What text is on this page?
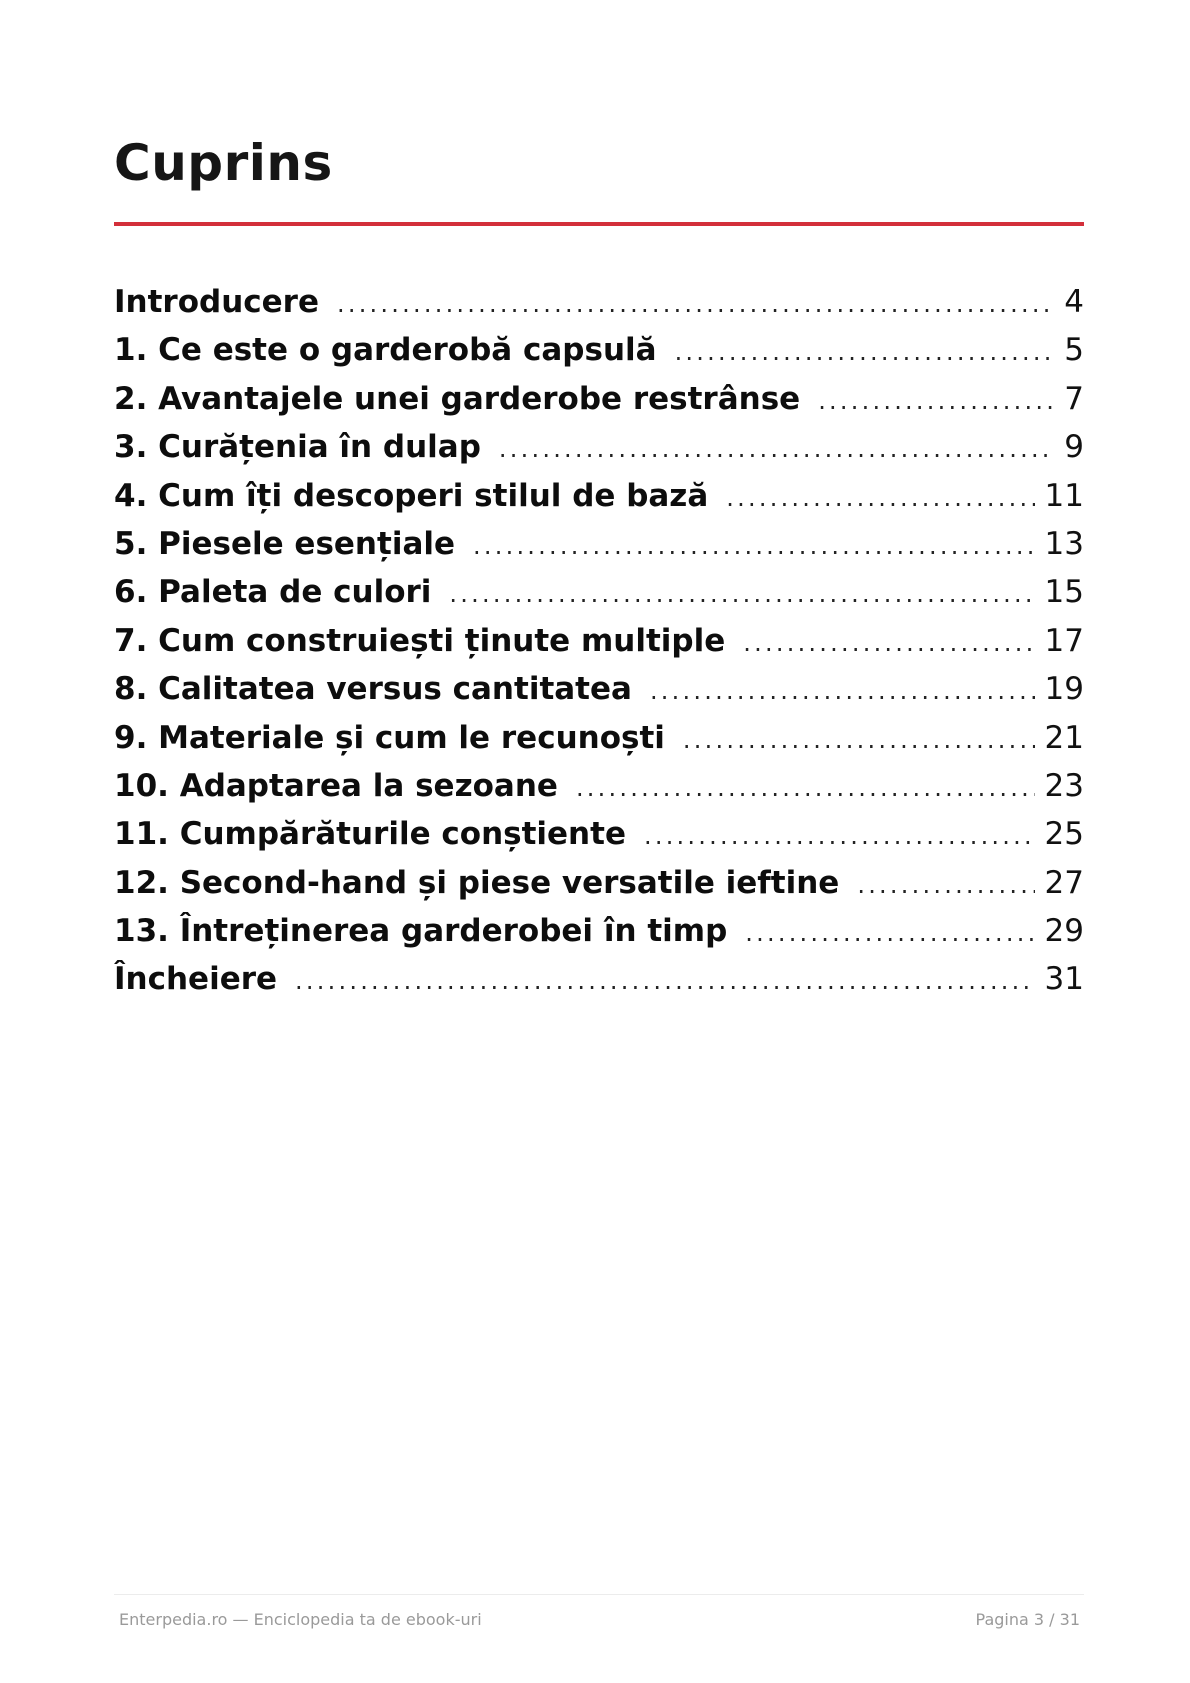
Cuprins
Introducere . . .	4
1. Ce este o garderobă capsulă . . .	5
2. Avantajele unei garderobe restrânse . . .	7
3. Curățenia în dulap . . .	9
4. Cum îți descoperi stilul de bază . . .	11
5. Piesele esențiale . . .	13
6. Paleta de culori . . .	15
7. Cum construiești ținute multiple . . .	17
8. Calitatea versus cantitatea . . .	19
9. Materiale și cum le recunoști . . .	21
10. Adaptarea la sezoane . . .	23
11. Cumpărăturile conștiente . . .	25
12. Second-hand și piese versatile ieftine . . .	27
13. Întreținerea garderobei în timp . . .	29
Încheiere . . .	31
Enterpedia.ro — Enciclopedia ta de ebook-uri	Pagina 3 / 31
